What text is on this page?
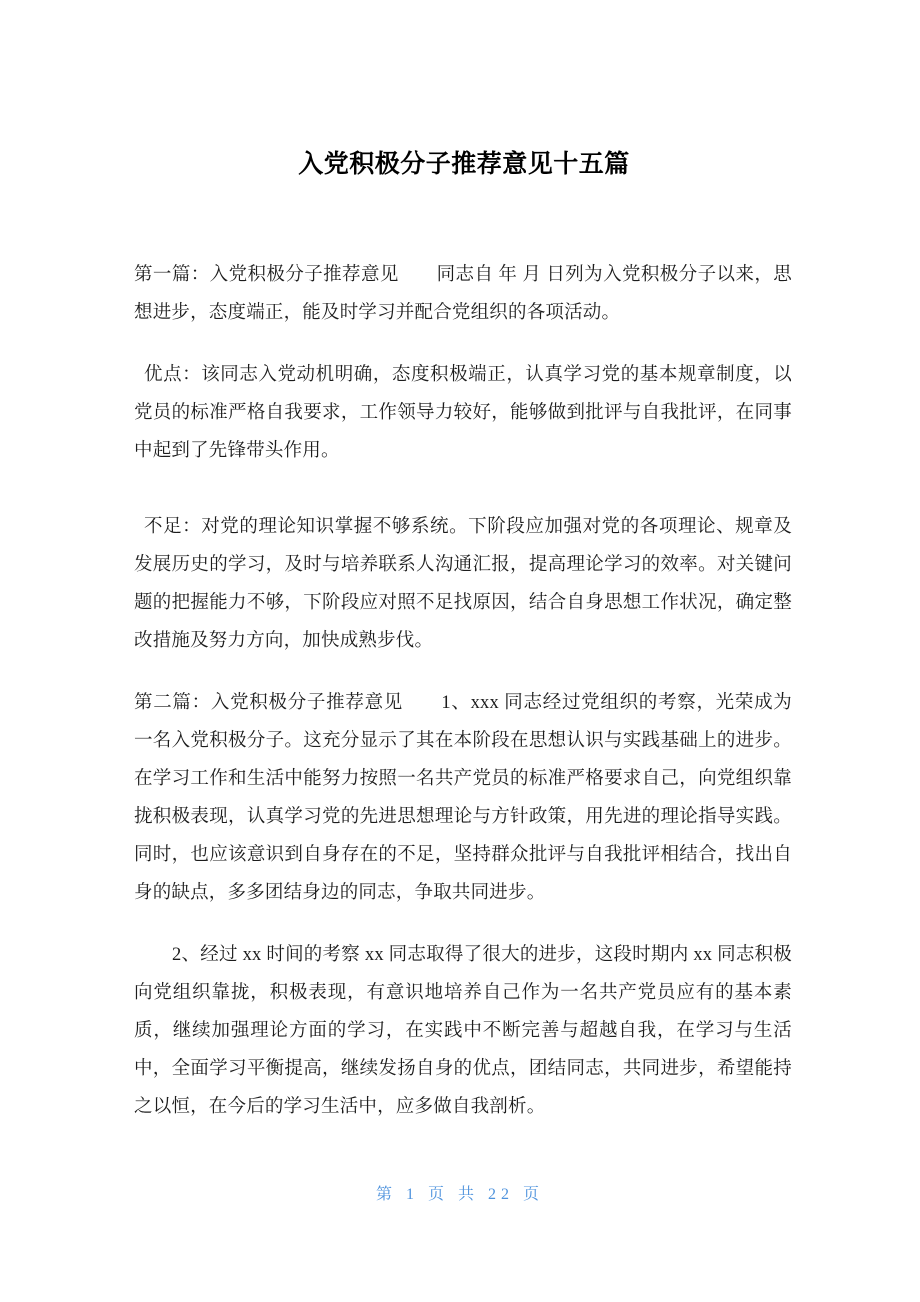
入党积极分子推荐意见十五篇
第一篇：入党积极分子推荐意见　　同志自 年 月 日列为入党积极分子以来，思想进步，态度端正，能及时学习并配合党组织的各项活动。
优点：该同志入党动机明确，态度积极端正，认真学习党的基本规章制度，以党员的标准严格自我要求，工作领导力较好，能够做到批评与自我批评，在同事中起到了先锋带头作用。
不足：对党的理论知识掌握不够系统。下阶段应加强对党的各项理论、规章及发展历史的学习，及时与培养联系人沟通汇报，提高理论学习的效率。对关键问题的把握能力不够，下阶段应对照不足找原因，结合自身思想工作状况，确定整改措施及努力方向，加快成熟步伐。
第二篇：入党积极分子推荐意见　　1、xxx 同志经过党组织的考察，光荣成为一名入党积极分子。这充分显示了其在本阶段在思想认识与实践基础上的进步。在学习工作和生活中能努力按照一名共产党员的标准严格要求自己，向党组织靠拢积极表现，认真学习党的先进思想理论与方针政策，用先进的理论指导实践。同时，也应该意识到自身存在的不足，坚持群众批评与自我批评相结合，找出自身的缺点，多多团结身边的同志，争取共同进步。
2、经过 xx 时间的考察 xx 同志取得了很大的进步，这段时期内 xx 同志积极向党组织靠拢，积极表现，有意识地培养自己作为一名共产党员应有的基本素质，继续加强理论方面的学习，在实践中不断完善与超越自我，在学习与生活中，全面学习平衡提高，继续发扬自身的优点，团结同志，共同进步，希望能持之以恒，在今后的学习生活中，应多做自我剖析。
第 1 页 共 22 页
